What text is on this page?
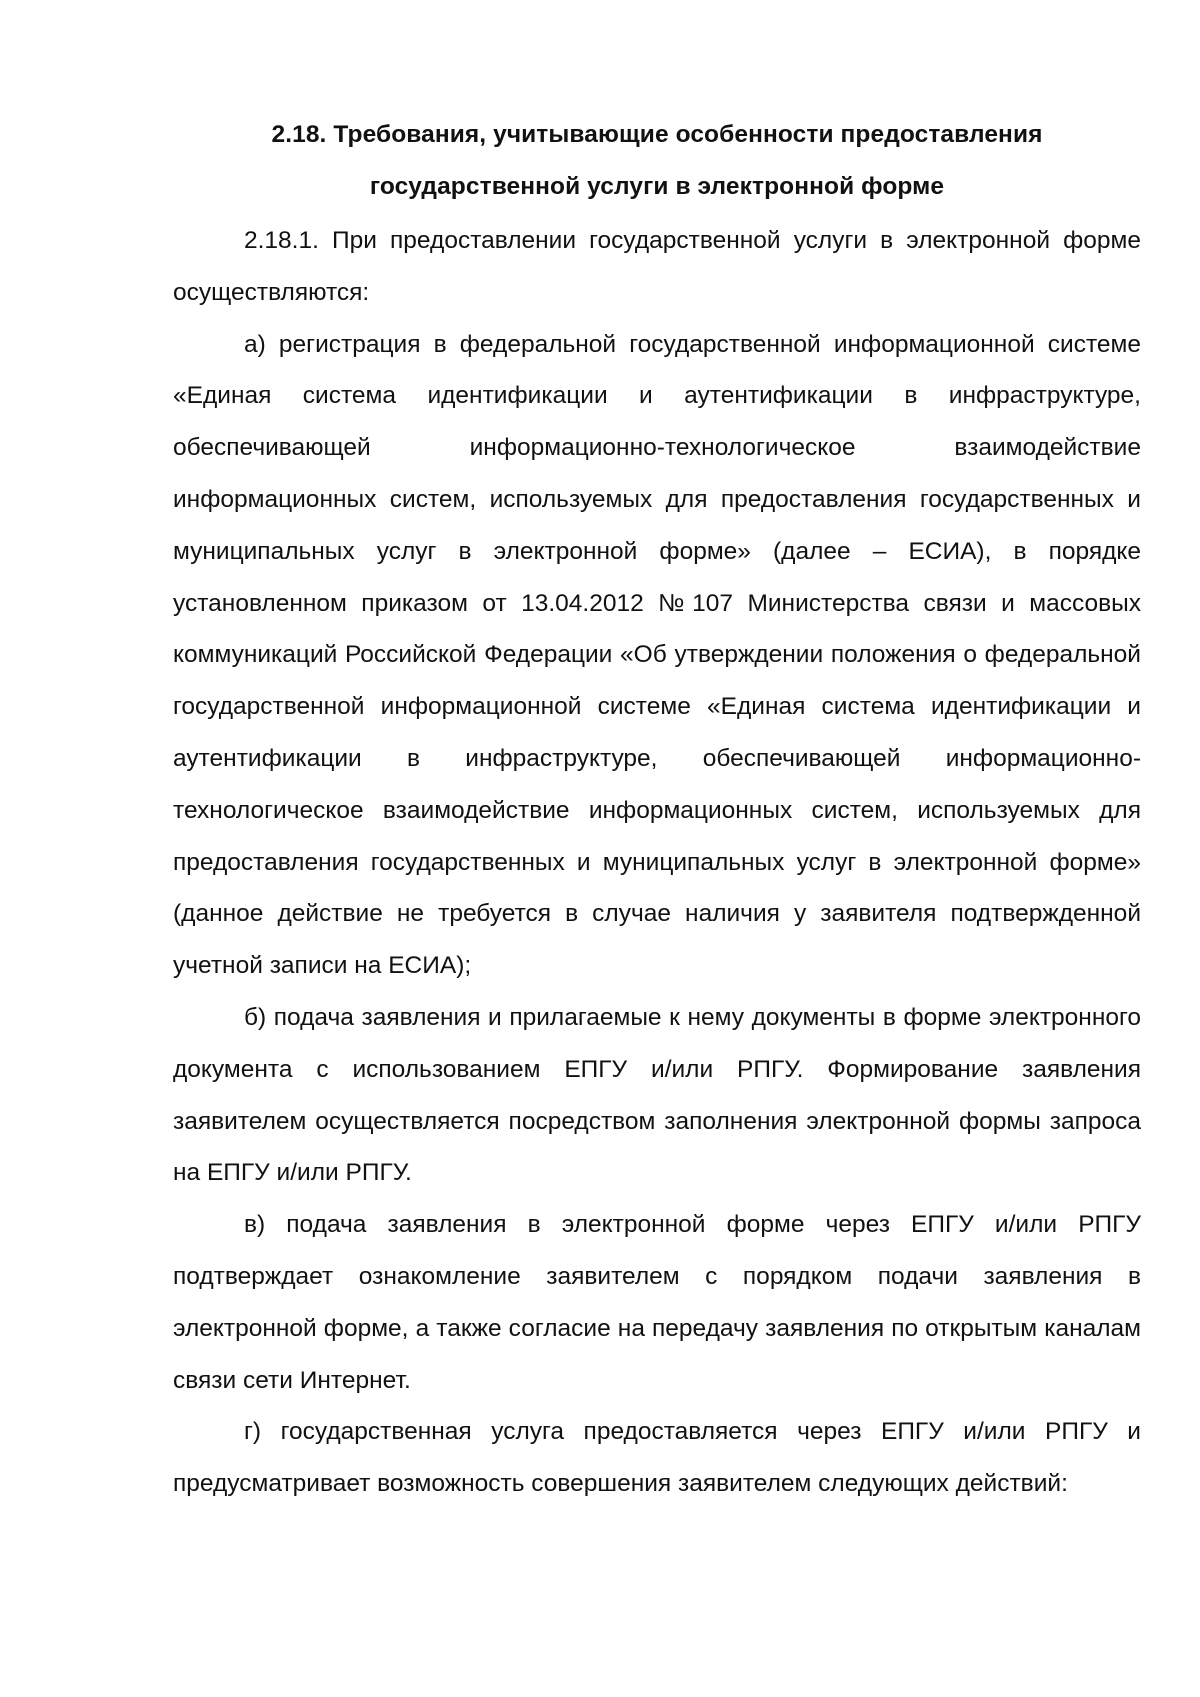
2.18. Требования, учитывающие особенности предоставления
государственной услуги в электронной форме

2.18.1. При предоставлении государственной услуги в электронной форме осуществляются:

а) регистрация в федеральной государственной информационной системе «Единая система идентификации и аутентификации в инфраструктуре, обеспечивающей информационно-технологическое взаимодействие информационных систем, используемых для предоставления государственных и муниципальных услуг в электронной форме» (далее – ЕСИА), в порядке установленном приказом от 13.04.2012 №107 Министерства связи и массовых коммуникаций Российской Федерации «Об утверждении положения о федеральной государственной информационной системе «Единая система идентификации и аутентификации в инфраструктуре, обеспечивающей информационно-технологическое взаимодействие информационных систем, используемых для предоставления государственных и муниципальных услуг в электронной форме» (данное действие не требуется в случае наличия у заявителя подтвержденной учетной записи на ЕСИА);

б) подача заявления и прилагаемые к нему документы в форме электронного документа с использованием ЕПГУ и/или РПГУ. Формирование заявления заявителем осуществляется посредством заполнения электронной формы запроса на ЕПГУ и/или РПГУ.

в) подача заявления в электронной форме через ЕПГУ и/или РПГУ подтверждает ознакомление заявителем с порядком подачи заявления в электронной форме, а также согласие на передачу заявления по открытым каналам связи сети Интернет.

г) государственная услуга предоставляется через ЕПГУ и/или РПГУ и предусматривает возможность совершения заявителем следующих действий:
